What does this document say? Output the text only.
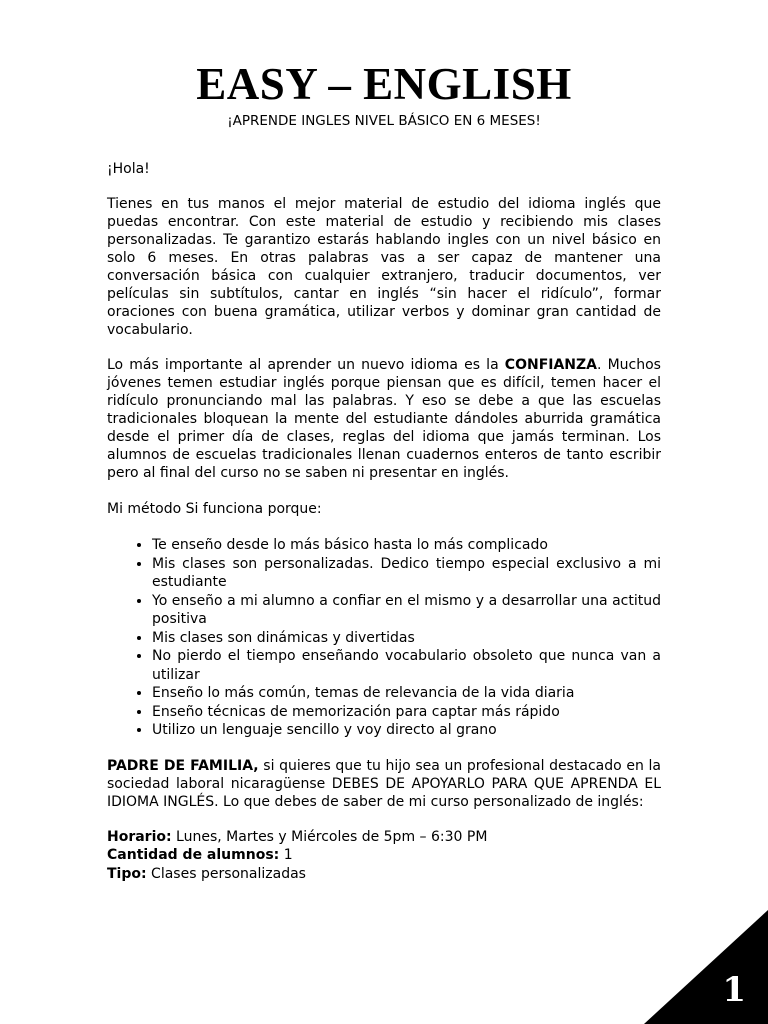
EASY – ENGLISH

¡APRENDE INGLES NIVEL BÁSICO EN 6 MESES!

¡Hola!

Tienes en tus manos el mejor material de estudio del idioma inglés que puedas encontrar. Con este material de estudio y recibiendo mis clases personalizadas. Te garantizo estarás hablando ingles con un nivel básico en solo 6 meses. En otras palabras vas a ser capaz de mantener una conversación básica con cualquier extranjero, traducir documentos, ver películas sin subtítulos, cantar en inglés “sin hacer el ridículo”, formar oraciones con buena gramática, utilizar verbos y dominar gran cantidad de vocabulario.

Lo más importante al aprender un nuevo idioma es la CONFIANZA. Muchos jóvenes temen estudiar inglés porque piensan que es difícil, temen hacer el ridículo pronunciando mal las palabras. Y eso se debe a que las escuelas tradicionales bloquean la mente del estudiante dándoles aburrida gramática desde el primer día de clases, reglas del idioma que jamás terminan. Los alumnos de escuelas tradicionales llenan cuadernos enteros de tanto escribir pero al final del curso no se saben ni presentar en inglés.

Mi método Si funciona porque:

• Te enseño desde lo más básico hasta lo más complicado
• Mis clases son personalizadas. Dedico tiempo especial exclusivo a mi estudiante
• Yo enseño a mi alumno a confiar en el mismo y a desarrollar una actitud positiva
• Mis clases son dinámicas y divertidas
• No pierdo el tiempo enseñando vocabulario obsoleto que nunca van a utilizar
• Enseño lo más común, temas de relevancia de la vida diaria
• Enseño técnicas de memorización para captar más rápido
• Utilizo un lenguaje sencillo y voy directo al grano

PADRE DE FAMILIA, si quieres que tu hijo sea un profesional destacado en la sociedad laboral nicaragüense DEBES DE APOYARLO PARA QUE APRENDA EL IDIOMA INGLÉS. Lo que debes de saber de mi curso personalizado de inglés:

Horario: Lunes, Martes y Miércoles de 5pm – 6:30 PM

Cantidad de alumnos: 1

Tipo: Clases personalizadas

1
